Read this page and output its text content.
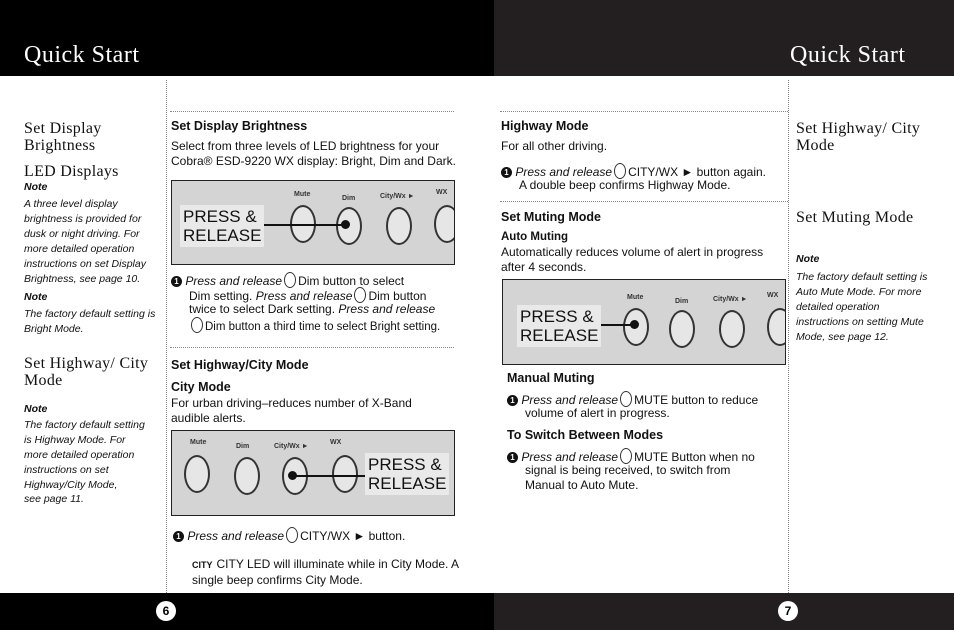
Quick Start	Quick Start
6	7
Set Display Brightness
LED Displays
Note
A three level display brightness is provided for dusk or night driving. For more detailed operation instructions on set Display Brightness, see page 10.
Note
The factory default setting is Bright Mode.
Set Highway/ City Mode
Note
The factory default setting is Highway Mode. For more detailed operation instructions on set Highway/City Mode,
see page 11.
Set Display Brightness
Select from three levels of LED brightness for your Cobra® ESD-9220 WX display: Bright, Dim and Dark.
Mute
Dim	City/Wx ►
WX
PRESS &
RELEASE
1 Press and release Dim button to select
Dim setting. Press and release Dim button
twice to select Dark setting. Press and release
Dim button a third time to select Bright setting.
Set Highway/City Mode
City Mode
For urban driving–reduces number of X-Band audible alerts.
Mute
Dim	City/Wx ►
WX
PRESS &
RELEASE
1 Press and release CITY/WX ► button.
CITY CITY LED will illuminate while in City Mode. A single beep confirms City Mode.
Highway Mode
For all other driving.
1 Press and release CITY/WX ► button again.
A double beep confirms Highway Mode.
Set Muting Mode
Auto Muting
Automatically reduces volume of alert in progress after 4 seconds.
Mute
Dim	City/Wx ►
WX
PRESS &
RELEASE
Manual Muting
1 Press and release MUTE button to reduce
volume of alert in progress.
To Switch Between Modes
1 Press and release MUTE Button when no
signal is being received, to switch from
Manual to Auto Mute.
Set Highway/ City Mode
Set Muting Mode
Note
The factory default setting is Auto Mute Mode. For more detailed operation instructions on setting Mute Mode, see page 12.
